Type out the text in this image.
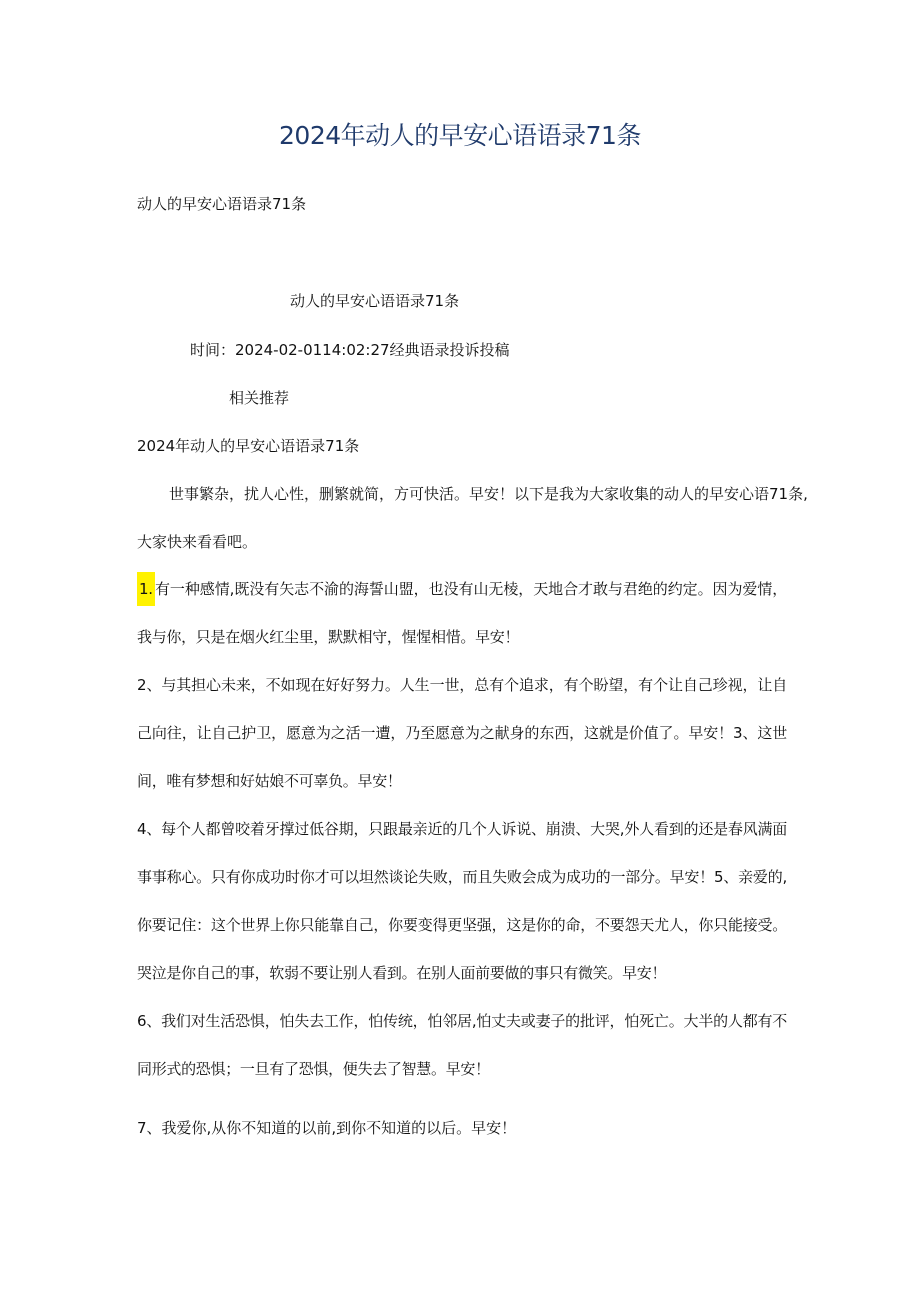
2024年动人的早安心语语录71条
动人的早安心语语录71条
动人的早安心语语录71条
时间：2024-02-0114:02:27经典语录投诉投稿
相关推荐
2024年动人的早安心语语录71条
世事繁杂，扰人心性，删繁就简，方可快活。早安！以下是我为大家收集的动人的早安心语71条,
大家快来看看吧。
1. 有一种感情,既没有矢志不渝的海誓山盟，也没有山无棱，天地合才敢与君绝的约定。因为爱情，我与你，只是在烟火红尘里，默默相守，惺惺相惜。早安！
2、与其担心未来，不如现在好好努力。人生一世，总有个追求，有个盼望，有个让自己珍视，让自己向往，让自己护卫，愿意为之活一遭，乃至愿意为之献身的东西，这就是价值了。早安！3、这世间，唯有梦想和好姑娘不可辜负。早安！
4、每个人都曾咬着牙撑过低谷期，只跟最亲近的几个人诉说、崩溃、大哭,外人看到的还是春风满面事事称心。只有你成功时你才可以坦然谈论失败，而且失败会成为成功的一部分。早安！5、亲爱的,你要记住：这个世界上你只能靠自己，你要变得更坚强，这是你的命，不要怨天尤人，你只能接受。哭泣是你自己的事，软弱不要让别人看到。在别人面前要做的事只有微笑。早安！
6、我们对生活恐惧，怕失去工作，怕传统，怕邻居,怕丈夫或妻子的批评，怕死亡。大半的人都有不同形式的恐惧；一旦有了恐惧，便失去了智慧。早安！
7、我爱你,从你不知道的以前,到你不知道的以后。早安！
